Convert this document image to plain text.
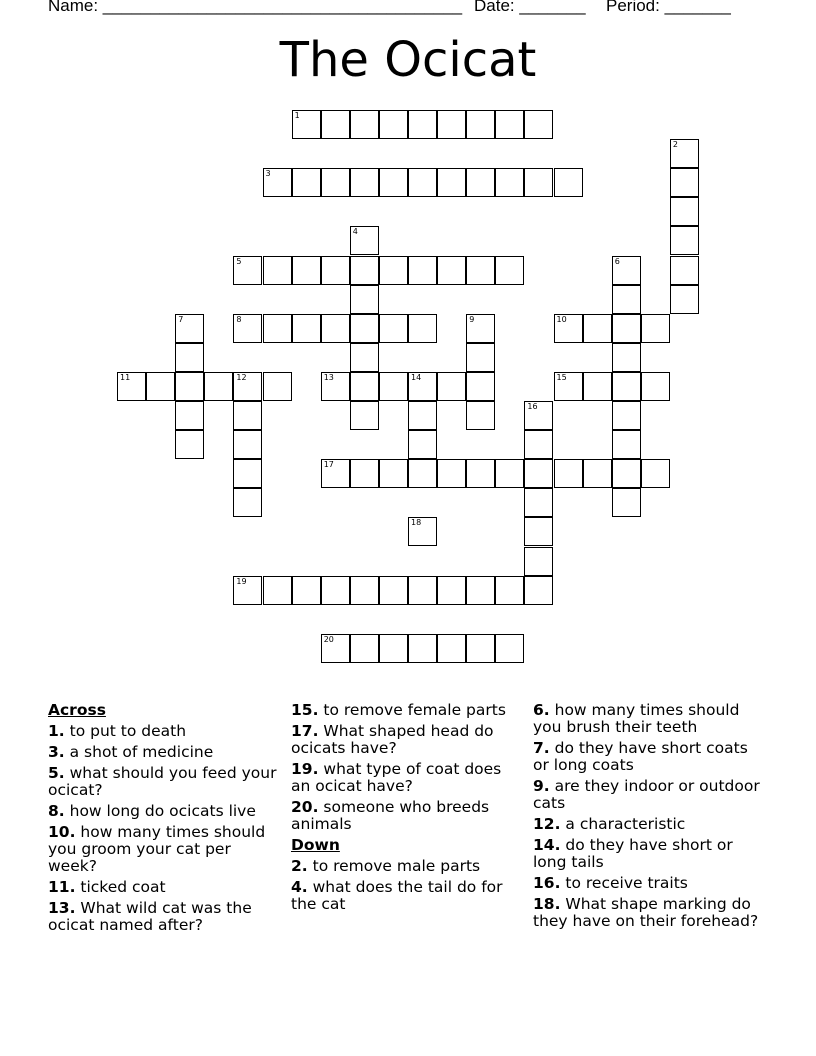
Name: ______________________________________ Date: _______ Period: _______
The Ocicat
1
2
3
4
5	6
7	8	9	10
11	12	13	14	15
16
17
18
19
20
Across
1. to put to death
3. a shot of medicine
5. what should you feed your ocicat?
8. how long do ocicats live
10. how many times should you groom your cat per week?
11. ticked coat
13. What wild cat was the ocicat named after?
15. to remove female parts
17. What shaped head do ocicats have?
19. what type of coat does an ocicat have?
20. someone who breeds animals
Down
2. to remove male parts
4. what does the tail do for the cat
6. how many times should you brush their teeth
7. do they have short coats or long coats
9. are they indoor or outdoor cats
12. a characteristic
14. do they have short or long tails
16. to receive traits
18. What shape marking do they have on their forehead?
